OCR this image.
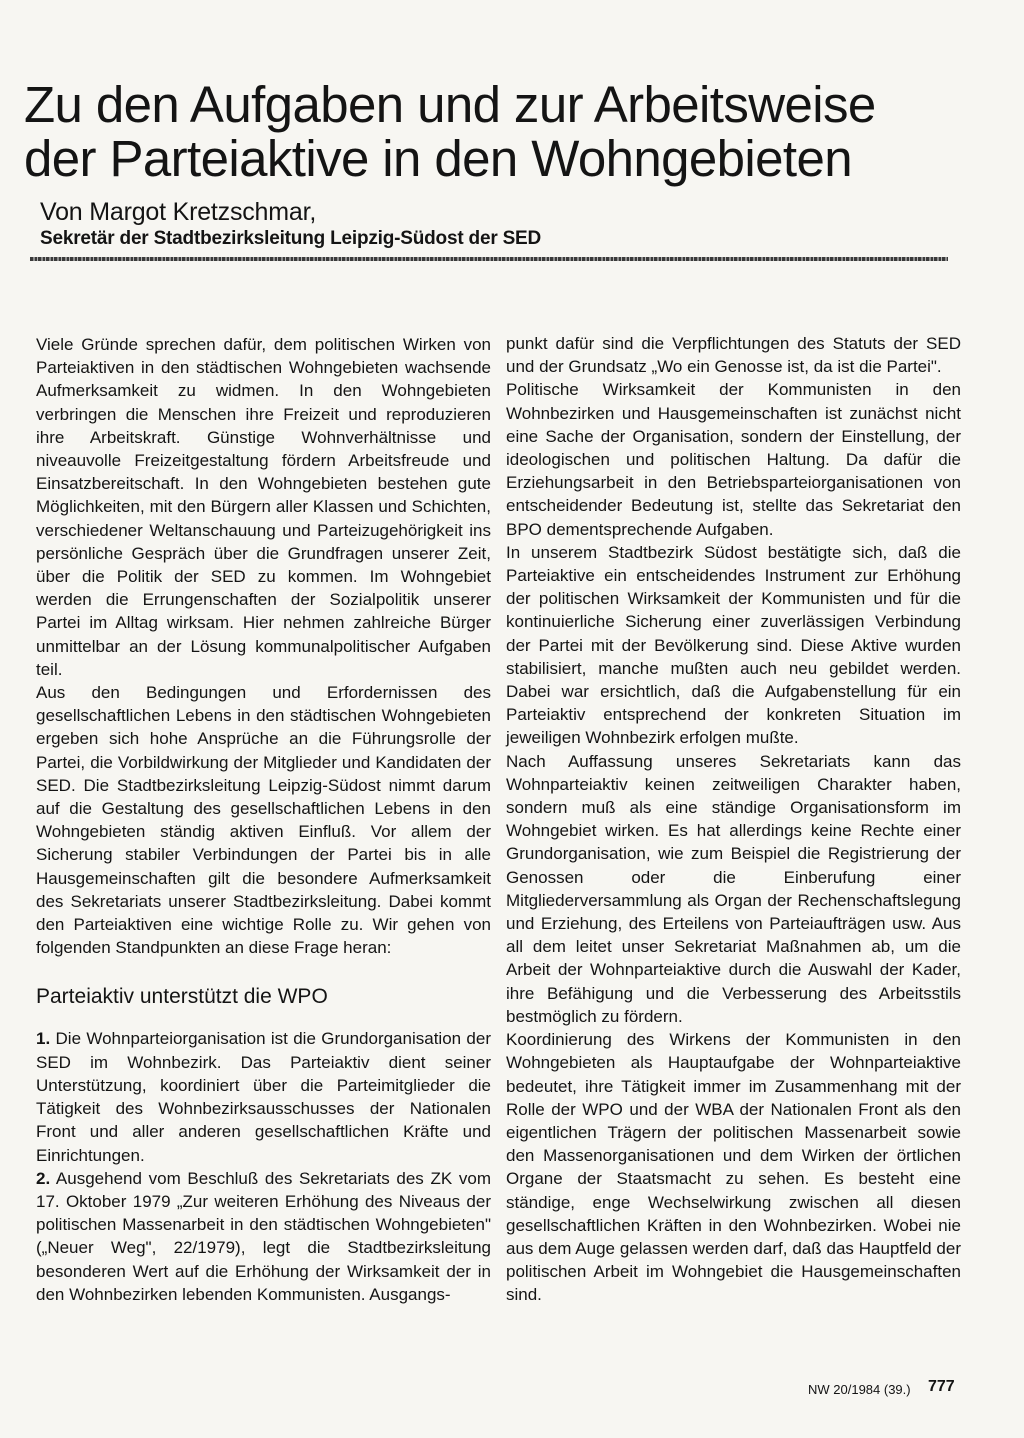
Zu den Aufgaben und zur Arbeitsweise
der Parteiaktive in den Wohngebieten
Von Margot Kretzschmar,
Sekretär der Stadtbezirksleitung Leipzig-Südost der SED

Viele Gründe sprechen dafür, dem politischen Wirken von Parteiaktiven in den städtischen Wohngebieten wachsende Aufmerksamkeit zu widmen. In den Wohngebieten verbringen die Menschen ihre Freizeit und reproduzieren ihre Arbeitskraft. Günstige Wohnverhältnisse und niveauvolle Freizeitgestaltung fördern Arbeitsfreude und Einsatzbereitschaft. In den Wohngebieten bestehen gute Möglichkeiten, mit den Bürgern aller Klassen und Schichten, verschiedener Weltanschauung und Parteizugehörigkeit ins persönliche Gespräch über die Grundfragen unserer Zeit, über die Politik der SED zu kommen. Im Wohngebiet werden die Errungenschaften der Sozialpolitik unserer Partei im Alltag wirksam. Hier nehmen zahlreiche Bürger unmittelbar an der Lösung kommunalpolitischer Aufgaben teil.

Aus den Bedingungen und Erfordernissen des gesellschaftlichen Lebens in den städtischen Wohngebieten ergeben sich hohe Ansprüche an die Führungsrolle der Partei, die Vorbildwirkung der Mitglieder und Kandidaten der SED. Die Stadtbezirksleitung Leipzig-Südost nimmt darum auf die Gestaltung des gesellschaftlichen Lebens in den Wohngebieten ständig aktiven Einfluß. Vor allem der Sicherung stabiler Verbindungen der Partei bis in alle Hausgemeinschaften gilt die besondere Aufmerksamkeit des Sekretariats unserer Stadtbezirksleitung. Dabei kommt den Parteiaktiven eine wichtige Rolle zu. Wir gehen von folgenden Standpunkten an diese Frage heran:

Parteiaktiv unterstützt die WPO

1. Die Wohnparteiorganisation ist die Grundorganisation der SED im Wohnbezirk. Das Parteiaktiv dient seiner Unterstützung, koordiniert über die Parteimitglieder die Tätigkeit des Wohnbezirksausschusses der Nationalen Front und aller anderen gesellschaftlichen Kräfte und Einrichtungen.

2. Ausgehend vom Beschluß des Sekretariats des ZK vom 17. Oktober 1979 „Zur weiteren Erhöhung des Niveaus der politischen Massenarbeit in den städtischen Wohngebieten" („Neuer Weg", 22/1979), legt die Stadtbezirksleitung besonderen Wert auf die Erhöhung der Wirksamkeit der in den Wohnbezirken lebenden Kommunisten. Ausgangs-

punkt dafür sind die Verpflichtungen des Statuts der SED und der Grundsatz „Wo ein Genosse ist, da ist die Partei".

Politische Wirksamkeit der Kommunisten in den Wohnbezirken und Hausgemeinschaften ist zunächst nicht eine Sache der Organisation, sondern der Einstellung, der ideologischen und politischen Haltung. Da dafür die Erziehungsarbeit in den Betriebsparteiorganisationen von entscheidender Bedeutung ist, stellte das Sekretariat den BPO dementsprechende Aufgaben.

In unserem Stadtbezirk Südost bestätigte sich, daß die Parteiaktive ein entscheidendes Instrument zur Erhöhung der politischen Wirksamkeit der Kommunisten und für die kontinuierliche Sicherung einer zuverlässigen Verbindung der Partei mit der Bevölkerung sind. Diese Aktive wurden stabilisiert, manche mußten auch neu gebildet werden. Dabei war ersichtlich, daß die Aufgabenstellung für ein Parteiaktiv entsprechend der konkreten Situation im jeweiligen Wohnbezirk erfolgen mußte.

Nach Auffassung unseres Sekretariats kann das Wohnparteiaktiv keinen zeitweiligen Charakter haben, sondern muß als eine ständige Organisationsform im Wohngebiet wirken. Es hat allerdings keine Rechte einer Grundorganisation, wie zum Beispiel die Registrierung der Genossen oder die Einberufung einer Mitgliederversammlung als Organ der Rechenschaftslegung und Erziehung, des Erteilens von Parteiaufträgen usw. Aus all dem leitet unser Sekretariat Maßnahmen ab, um die Arbeit der Wohnparteiaktive durch die Auswahl der Kader, ihre Befähigung und die Verbesserung des Arbeitsstils bestmöglich zu fördern.

Koordinierung des Wirkens der Kommunisten in den Wohngebieten als Hauptaufgabe der Wohnparteiaktive bedeutet, ihre Tätigkeit immer im Zusammenhang mit der Rolle der WPO und der WBA der Nationalen Front als den eigentlichen Trägern der politischen Massenarbeit sowie den Massenorganisationen und dem Wirken der örtlichen Organe der Staatsmacht zu sehen. Es besteht eine ständige, enge Wechselwirkung zwischen all diesen gesellschaftlichen Kräften in den Wohnbezirken. Wobei nie aus dem Auge gelassen werden darf, daß das Hauptfeld der politischen Arbeit im Wohngebiet die Hausgemeinschaften sind.

NW 20/1984 (39.) 777
